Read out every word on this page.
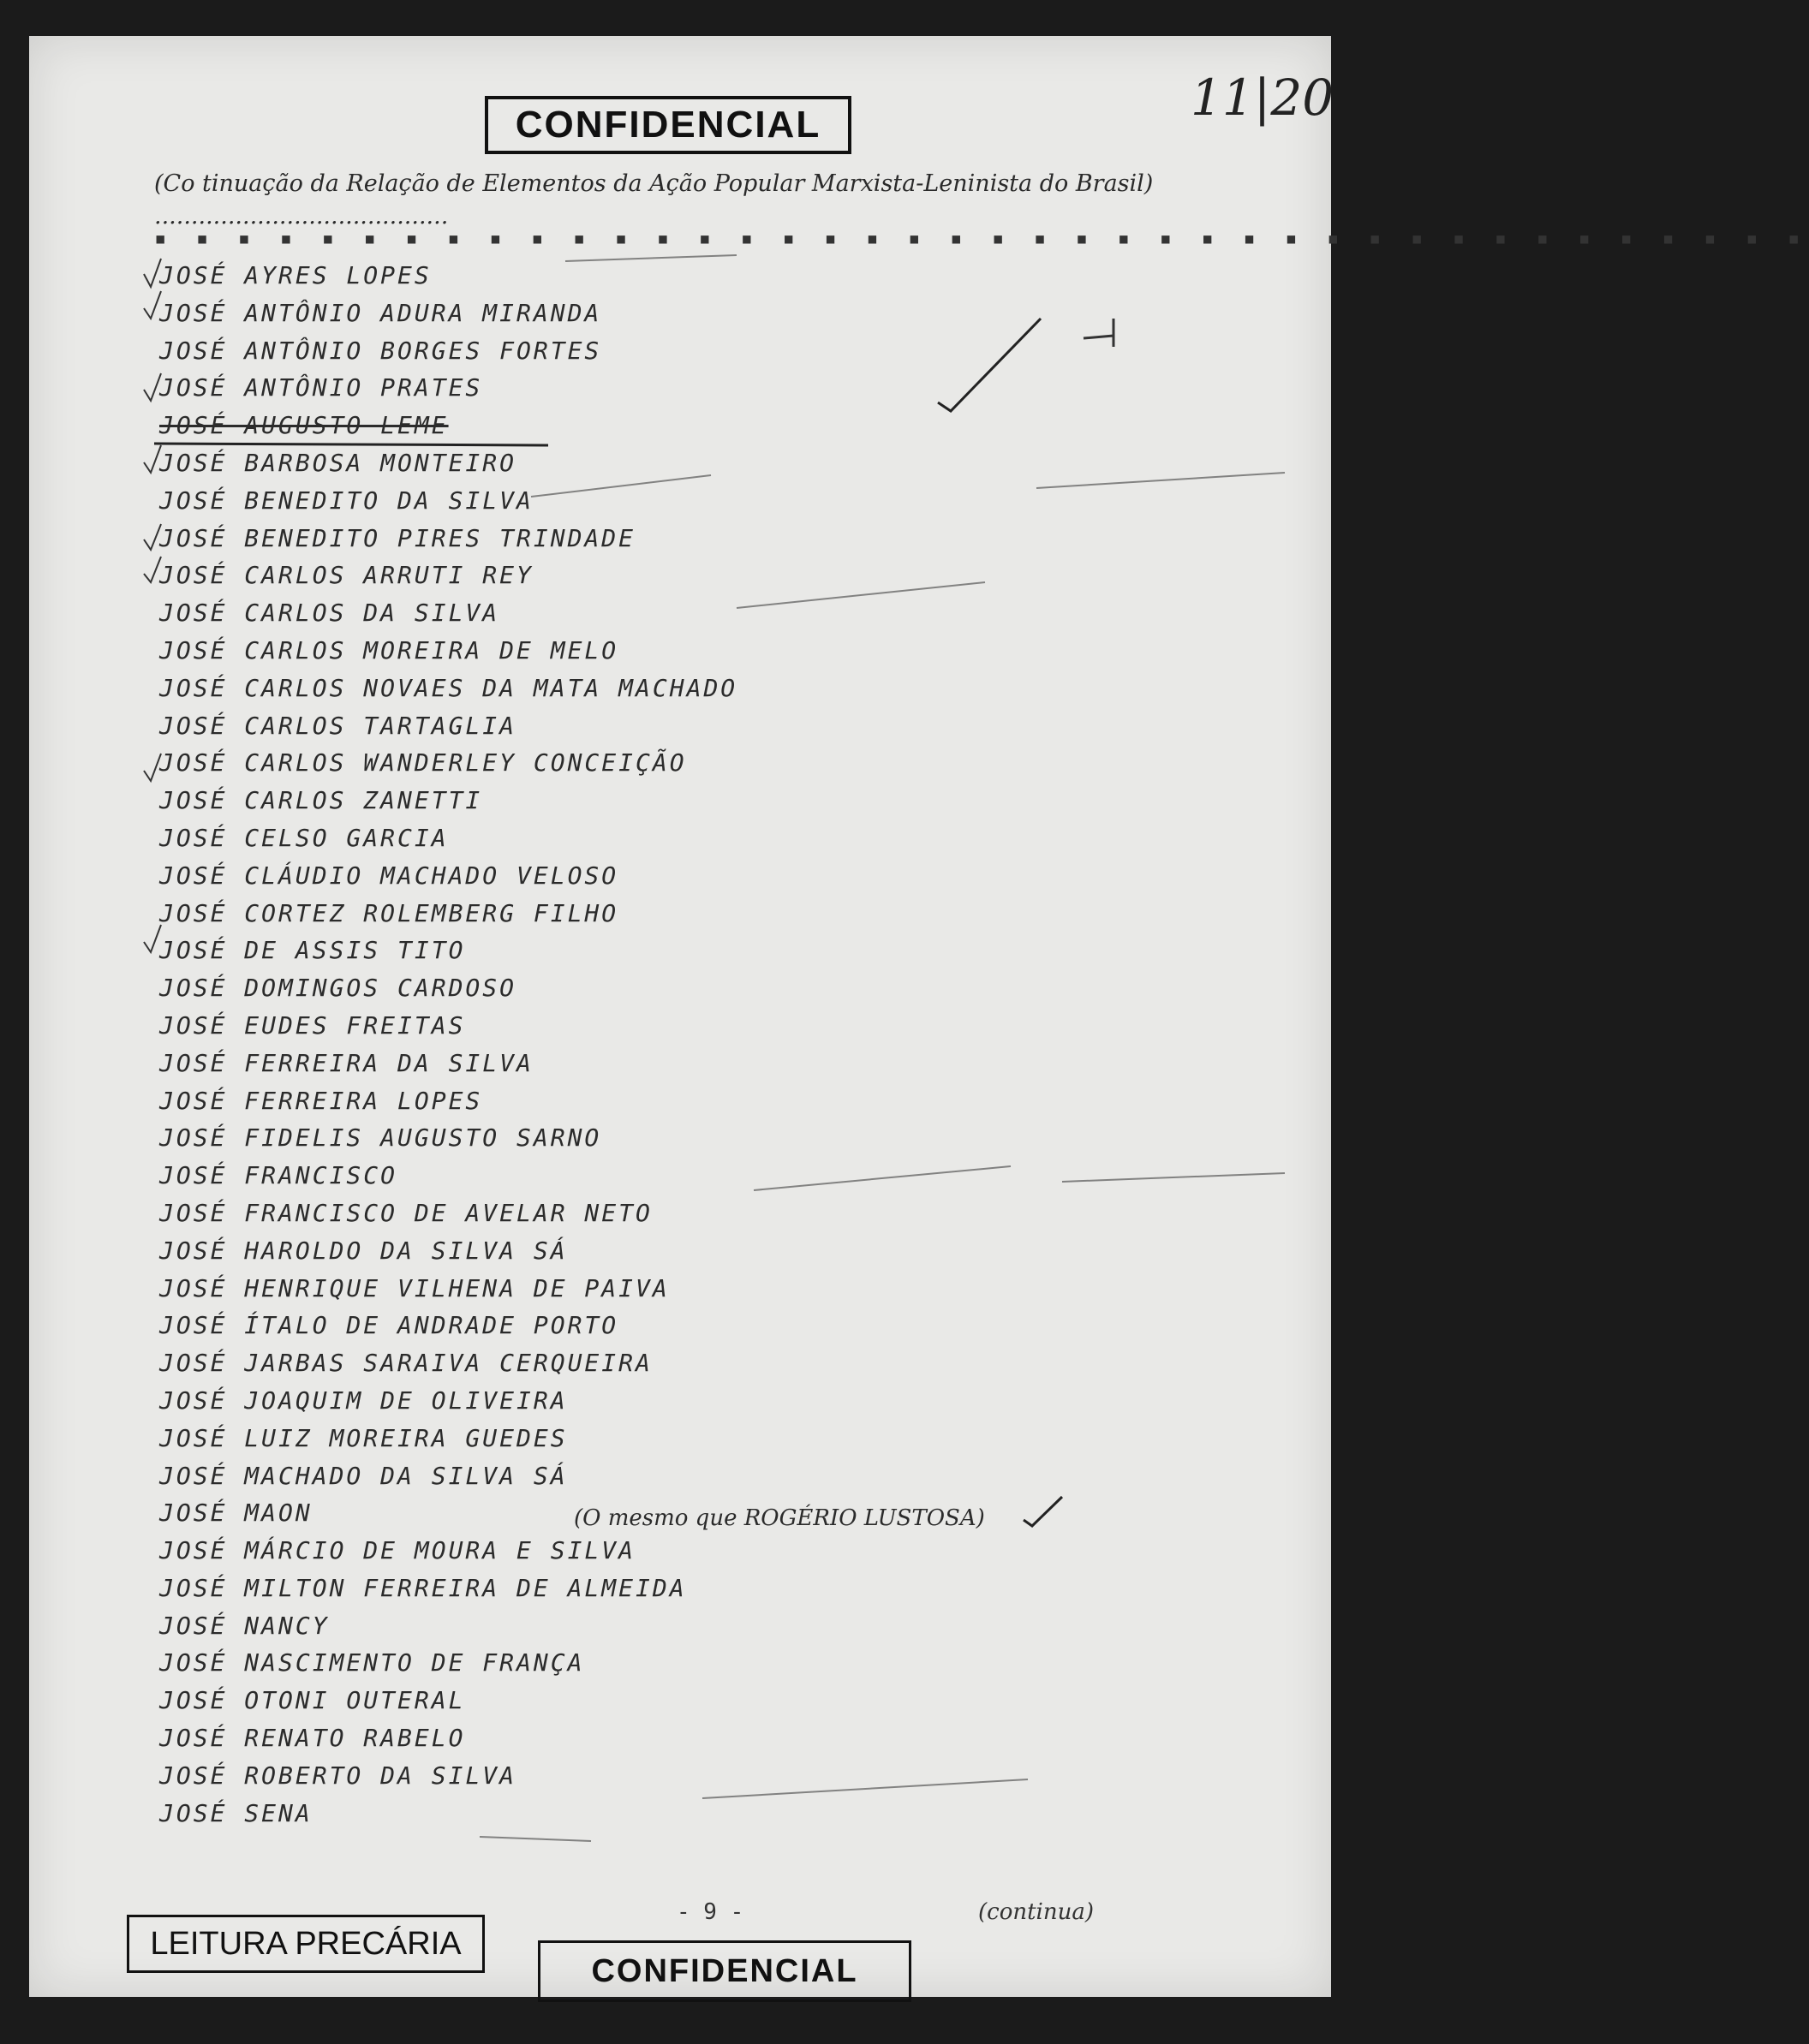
CONFIDENCIAL	11|20
(Co tinuação da Relação de Elementos da Ação Popular Marxista-Leninista do Brasil) ........................................
▪ ▪ ▪ ▪ ▪ ▪ ▪ ▪ ▪ ▪ ▪ ▪ ▪ ▪ ▪ ▪ ▪ ▪ ▪ ▪ ▪ ▪ ▪ ▪ ▪ ▪ ▪ ▪ ▪ ▪ ▪ ▪ ▪ ▪ ▪ ▪ ▪ ▪ ▪ ▪
JOSÉ AYRES LOPES
JOSÉ ANTÔNIO ADURA MIRANDA
JOSÉ ANTÔNIO BORGES FORTES
JOSÉ ANTÔNIO PRATES
JOSÉ AUGUSTO LEME
JOSÉ BARBOSA MONTEIRO
JOSÉ BENEDITO DA SILVA
JOSÉ BENEDITO PIRES TRINDADE
JOSÉ CARLOS ARRUTI REY
JOSÉ CARLOS DA SILVA
JOSÉ CARLOS MOREIRA DE MELO
JOSÉ CARLOS NOVAES DA MATA MACHADO
JOSÉ CARLOS TARTAGLIA
JOSÉ CARLOS WANDERLEY CONCEIÇÃO
JOSÉ CARLOS ZANETTI
JOSÉ CELSO GARCIA
JOSÉ CLÁUDIO MACHADO VELOSO
JOSÉ CORTEZ ROLEMBERG FILHO
JOSÉ DE ASSIS TITO
JOSÉ DOMINGOS CARDOSO
JOSÉ EUDES FREITAS
JOSÉ FERREIRA DA SILVA
JOSÉ FERREIRA LOPES
JOSÉ FIDELIS AUGUSTO SARNO
JOSÉ FRANCISCO
JOSÉ FRANCISCO DE AVELAR NETO
JOSÉ HAROLDO DA SILVA SÁ
JOSÉ HENRIQUE VILHENA DE PAIVA
JOSÉ ÍTALO DE ANDRADE PORTO
JOSÉ JARBAS SARAIVA CERQUEIRA
JOSÉ JOAQUIM DE OLIVEIRA
JOSÉ LUIZ MOREIRA GUEDES
JOSÉ MACHADO DA SILVA SÁ
JOSÉ MAON
JOSÉ MÁRCIO DE MOURA E SILVA
JOSÉ MILTON FERREIRA DE ALMEIDA
JOSÉ NANCY
JOSÉ NASCIMENTO DE FRANÇA
JOSÉ OTONI OUTERAL
JOSÉ RENATO RABELO
JOSÉ ROBERTO DA SILVA
JOSÉ SENA
(O mesmo que ROGÉRIO LUSTOSA)
- 9 -	(continua)
LEITURA PRECÁRIA
CONFIDENCIAL
